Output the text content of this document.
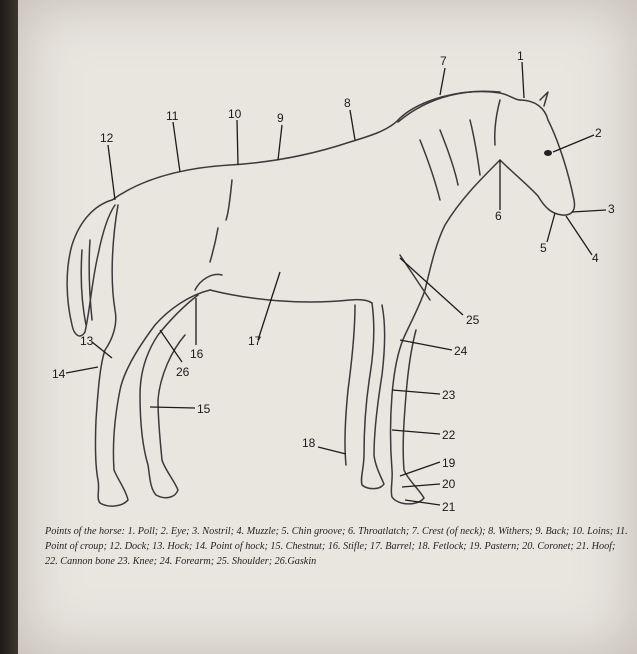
1
2
3
4
5
6
7
8
9
10
11
12
13
14
15
16
17
18
19
20
21
22
23
24
25
26
Points of the horse: 1. Poll; 2. Eye; 3. Nostril; 4. Muzzle; 5. Chin groove; 6. Throatlatch; 7. Crest (of neck); 8. Withers; 9. Back; 10. Loins; 11. Point of croup; 12. Dock; 13. Hock; 14. Point of hock; 15. Chestnut; 16. Stifle; 17. Barrel; 18. Fetlock; 19. Pastern; 20. Coronet; 21. Hoof; 22. Cannon bone 23. Knee; 24. Forearm; 25. Shoulder; 26.Gaskin
